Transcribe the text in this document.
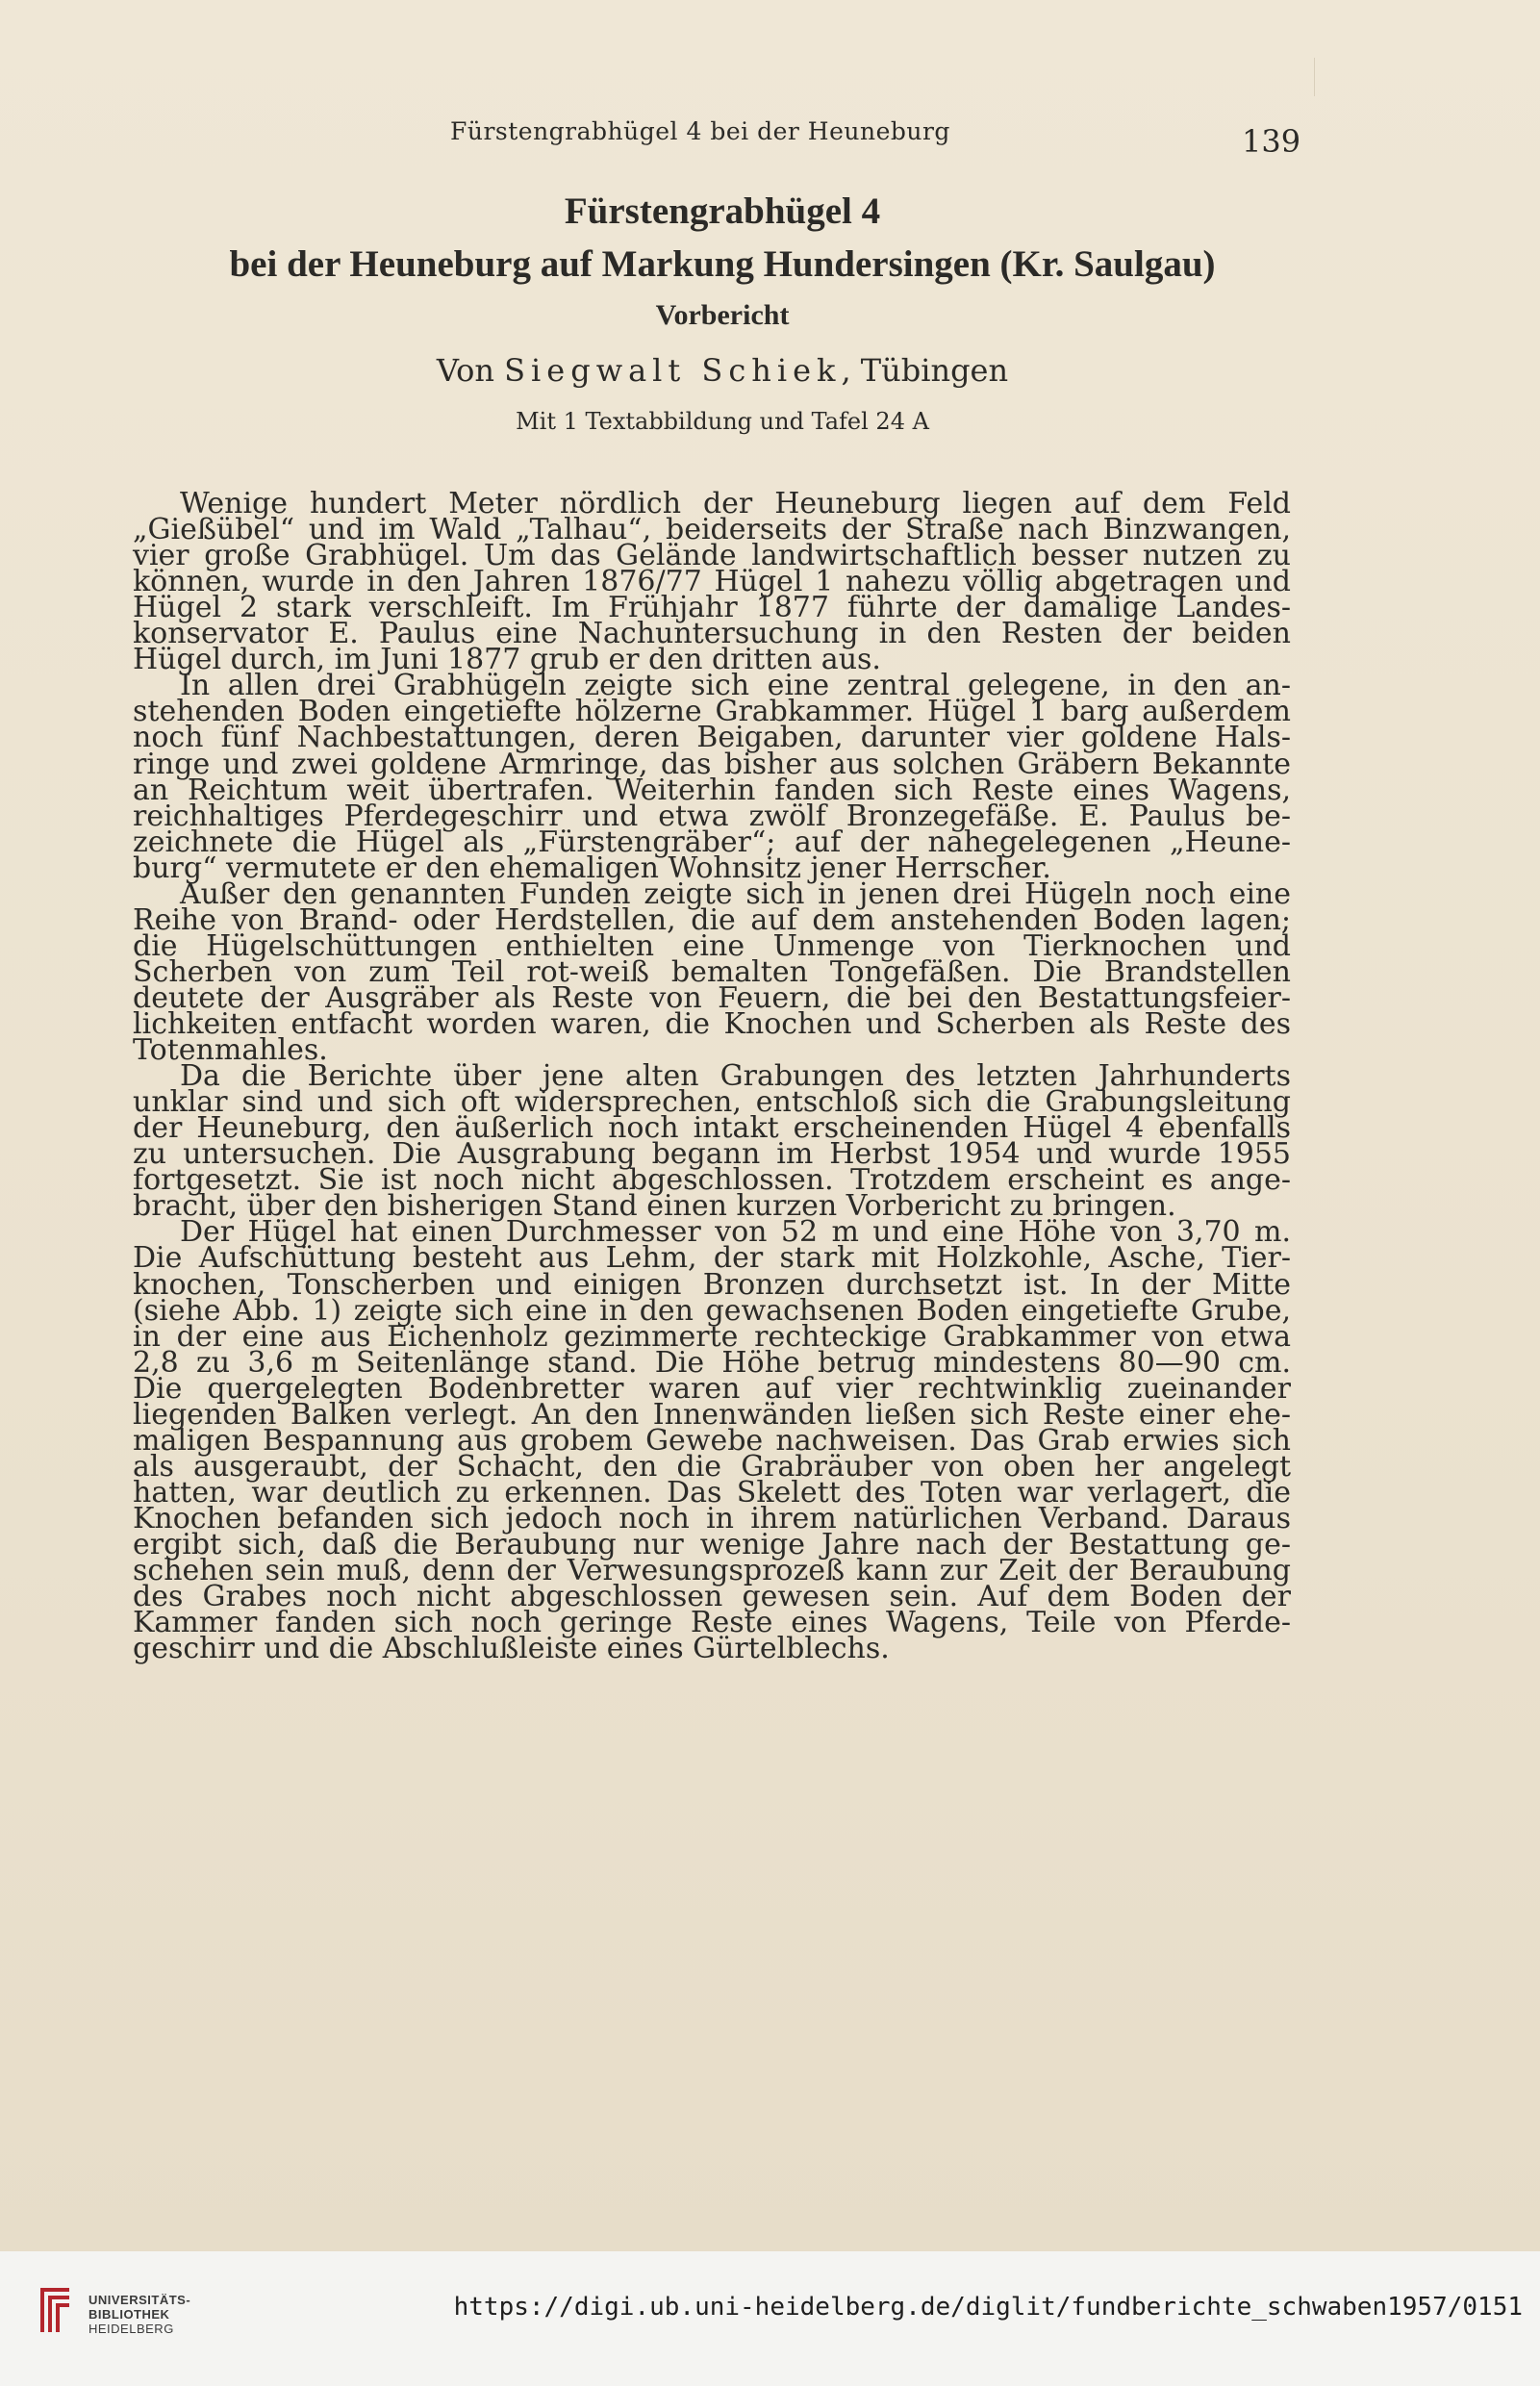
Fürstengrabhügel 4 bei der Heuneburg	139
Fürstengrabhügel 4
bei der Heuneburg auf Markung Hundersingen (Kr. Saulgau)
Vorbericht
Von Siegwalt Schiek, Tübingen
Mit 1 Textabbildung und Tafel 24 A
Wenige hundert Meter nördlich der Heuneburg liegen auf dem Feld
„Gießübel“ und im Wald „Talhau“, beiderseits der Straße nach Binzwangen,
vier große Grabhügel. Um das Gelände landwirtschaftlich besser nutzen zu
können, wurde in den Jahren 1876/77 Hügel 1 nahezu völlig abgetragen und
Hügel 2 stark verschleift. Im Frühjahr 1877 führte der damalige Landes-
konservator E. Paulus eine Nachuntersuchung in den Resten der beiden
Hügel durch, im Juni 1877 grub er den dritten aus.
In allen drei Grabhügeln zeigte sich eine zentral gelegene, in den an-
stehenden Boden eingetiefte hölzerne Grabkammer. Hügel 1 barg außerdem
noch fünf Nachbestattungen, deren Beigaben, darunter vier goldene Hals-
ringe und zwei goldene Armringe, das bisher aus solchen Gräbern Bekannte
an Reichtum weit übertrafen. Weiterhin fanden sich Reste eines Wagens,
reichhaltiges Pferdegeschirr und etwa zwölf Bronzegefäße. E. Paulus be-
zeichnete die Hügel als „Fürstengräber“; auf der nahegelegenen „Heune-
burg“ vermutete er den ehemaligen Wohnsitz jener Herrscher.
Außer den genannten Funden zeigte sich in jenen drei Hügeln noch eine
Reihe von Brand- oder Herdstellen, die auf dem anstehenden Boden lagen;
die Hügelschüttungen enthielten eine Unmenge von Tierknochen und
Scherben von zum Teil rot-weiß bemalten Tongefäßen. Die Brandstellen
deutete der Ausgräber als Reste von Feuern, die bei den Bestattungsfeier-
lichkeiten entfacht worden waren, die Knochen und Scherben als Reste des
Totenmahles.
Da die Berichte über jene alten Grabungen des letzten Jahrhunderts
unklar sind und sich oft widersprechen, entschloß sich die Grabungsleitung
der Heuneburg, den äußerlich noch intakt erscheinenden Hügel 4 ebenfalls
zu untersuchen. Die Ausgrabung begann im Herbst 1954 und wurde 1955
fortgesetzt. Sie ist noch nicht abgeschlossen. Trotzdem erscheint es ange-
bracht, über den bisherigen Stand einen kurzen Vorbericht zu bringen.
Der Hügel hat einen Durchmesser von 52 m und eine Höhe von 3,70 m.
Die Aufschüttung besteht aus Lehm, der stark mit Holzkohle, Asche, Tier-
knochen, Tonscherben und einigen Bronzen durchsetzt ist. In der Mitte
(siehe Abb. 1) zeigte sich eine in den gewachsenen Boden eingetiefte Grube,
in der eine aus Eichenholz gezimmerte rechteckige Grabkammer von etwa
2,8 zu 3,6 m Seitenlänge stand. Die Höhe betrug mindestens 80—90 cm.
Die quergelegten Bodenbretter waren auf vier rechtwinklig zueinander
liegenden Balken verlegt. An den Innenwänden ließen sich Reste einer ehe-
maligen Bespannung aus grobem Gewebe nachweisen. Das Grab erwies sich
als ausgeraubt, der Schacht, den die Grabräuber von oben her angelegt
hatten, war deutlich zu erkennen. Das Skelett des Toten war verlagert, die
Knochen befanden sich jedoch noch in ihrem natürlichen Verband. Daraus
ergibt sich, daß die Beraubung nur wenige Jahre nach der Bestattung ge-
schehen sein muß, denn der Verwesungsprozeß kann zur Zeit der Beraubung
des Grabes noch nicht abgeschlossen gewesen sein. Auf dem Boden der
Kammer fanden sich noch geringe Reste eines Wagens, Teile von Pferde-
geschirr und die Abschlußleiste eines Gürtelblechs.
UNIVERSITÄTS-
BIBLIOTHEK
HEIDELBERG
https://digi.ub.uni-heidelberg.de/diglit/fundberichte_schwaben1957/0151
